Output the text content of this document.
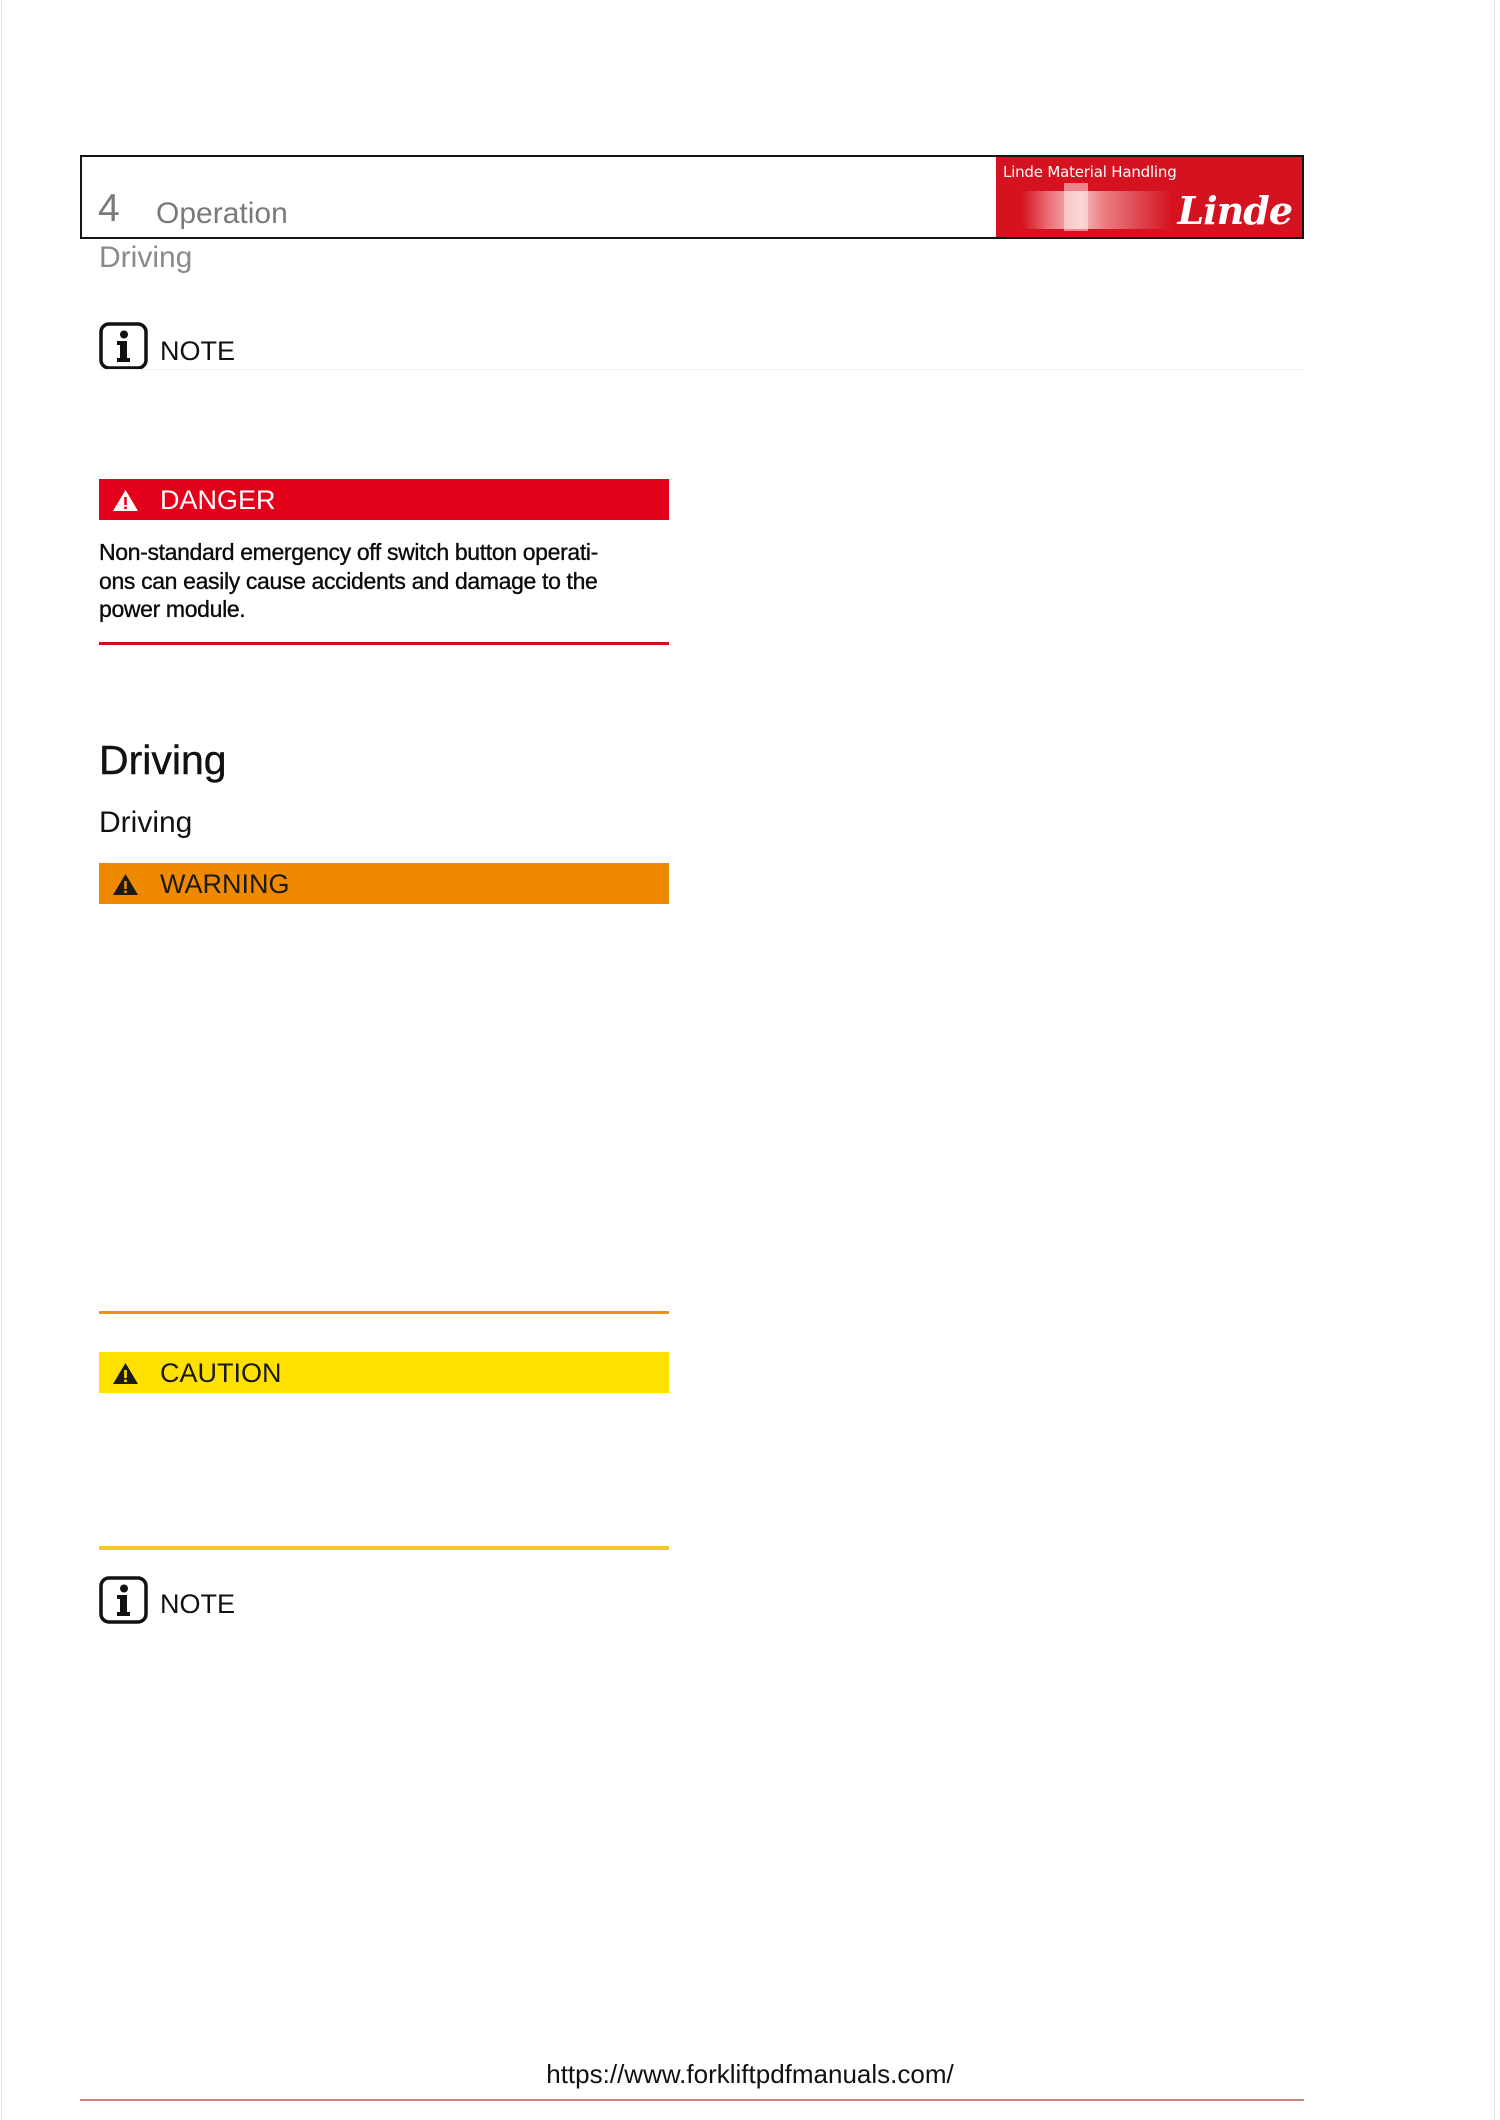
4 Operation
Linde Material Handling
Linde
Driving
NOTE
DANGER
Non-standard emergency off switch button operati-
ons can easily cause accidents and damage to the
power module.
Driving
Driving
WARNING
CAUTION
NOTE
https://www.forkliftpdfmanuals.com/
